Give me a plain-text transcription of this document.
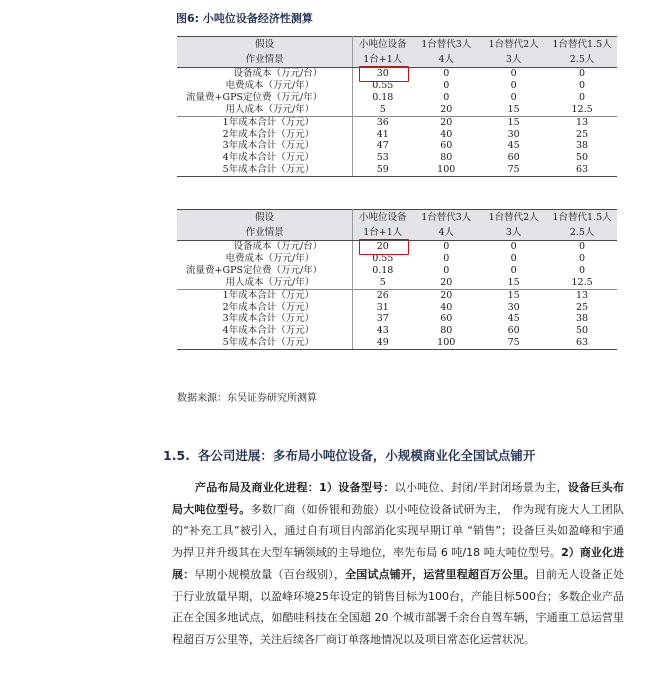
图6: 小吨位设备经济性测算
假设	小吨位设备	1台替代3人	1台替代2人	1台替代1.5人
作业情景	1台+1人	4人	3人	2.5人
设备成本（万元/台）	30	0	0	0
电费成本（万元/年）	0.55	0	0	0
流量费+GPS定位费（万元/年）	0.18	0	0	0
用人成本（万元/年）	5	20	15	12.5
1年成本合计（万元）	36	20	15	13
2年成本合计（万元）	41	40	30	25
3年成本合计（万元）	47	60	45	38
4年成本合计（万元）	53	80	60	50
5年成本合计（万元）	59	100	75	63
假设	小吨位设备	1台替代3人	1台替代2人	1台替代1.5人
作业情景	1台+1人	4人	3人	2.5人
设备成本（万元/台）	20	0	0	0
电费成本（万元/年）	0.55	0	0	0
流量费+GPS定位费（万元/年）	0.18	0	0	0
用人成本（万元/年）	5	20	15	12.5
1年成本合计（万元）	26	20	15	13
2年成本合计（万元）	31	40	30	25
3年成本合计（万元）	37	60	45	38
4年成本合计（万元）	43	80	60	50
5年成本合计（万元）	49	100	75	63
数据来源：东吴证券研究所测算
1.5. 各公司进展：多布局小吨位设备，小规模商业化全国试点铺开
产品布局及商业化进程：1）设备型号：以小吨位、封闭/半封闭场景为主，设备巨头布局大吨位型号。多数厂商（如侨银和劲旅）以小吨位设备试研为主， 作为现有庞大人工团队的“补充工具”被引入，通过自有项目内部消化实现早期订单 “销售”；设备巨头如盈峰和宇通为捍卫并升级其在大型车辆领域的主导地位，率先布局 6 吨/18 吨大吨位型号。2）商业化进展：早期小规模放量（百台级别），全国试点铺开，运营里程超百万公里。目前无人设备正处于行业放量早期，以盈峰环境25年设定的销售目标为100台，产能目标500台；多数企业产品正在全国多地试点，如酷哇科技在全国超 20 个城市部署千余台自驾车辆，宇通重工总运营里程超百万公里等，关注后续各厂商订单落地情况以及项目常态化运营状况。
